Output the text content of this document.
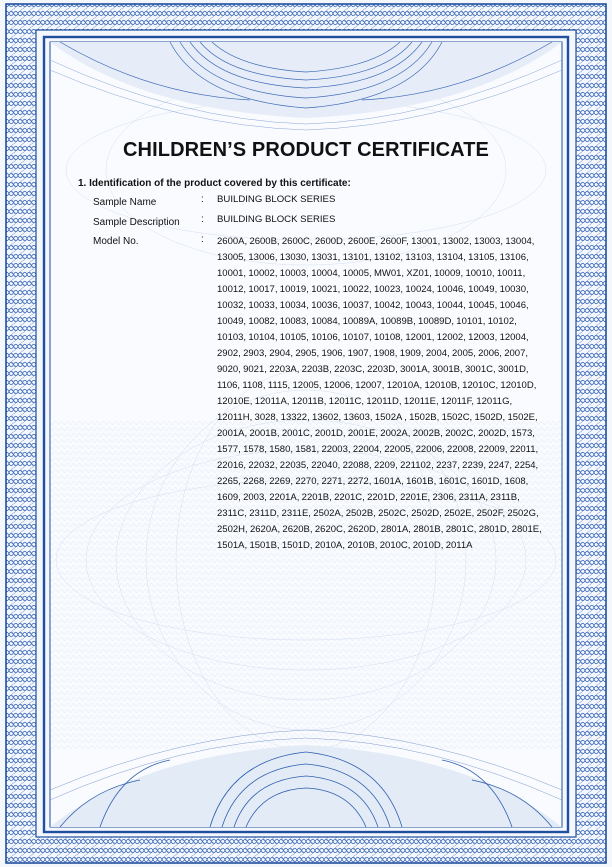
CHILDREN’S PRODUCT CERTIFICATE
1. Identification of the product covered by this certificate:
Sample Name	: BUILDING BLOCK SERIES
Sample Description : BUILDING BLOCK SERIES
Model No.	: 2600A, 2600B, 2600C, 2600D, 2600E, 2600F, 13001, 13002, 13003, 13004, 13005, 13006, 13030, 13031, 13101, 13102, 13103, 13104, 13105, 13106, 10001, 10002, 10003, 10004, 10005, MW01, XZ01, 10009, 10010, 10011, 10012, 10017, 10019, 10021, 10022, 10023, 10024, 10046, 10049, 10030, 10032, 10033, 10034, 10036, 10037, 10042, 10043, 10044, 10045, 10046, 10049, 10082, 10083, 10084, 10089A, 10089B, 10089D, 10101, 10102, 10103, 10104, 10105, 10106, 10107, 10108, 12001, 12002, 12003, 12004, 2902, 2903, 2904, 2905, 1906, 1907, 1908, 1909, 2004, 2005, 2006, 2007, 9020, 9021, 2203A, 2203B, 2203C, 2203D, 3001A, 3001B, 3001C, 3001D, 1106, 1108, 1115, 12005, 12006, 12007, 12010A, 12010B, 12010C, 12010D, 12010E, 12011A, 12011B, 12011C, 12011D, 12011E, 12011F, 12011G, 12011H, 3028, 13322, 13602, 13603, 1502A , 1502B, 1502C, 1502D, 1502E, 2001A, 2001B, 2001C, 2001D, 2001E, 2002A, 2002B, 2002C, 2002D, 1573, 1577, 1578, 1580, 1581, 22003, 22004, 22005, 22006, 22008, 22009, 22011, 22016, 22032, 22035, 22040, 22088, 2209, 221102, 2237, 2239, 2247, 2254, 2265, 2268, 2269, 2270, 2271, 2272, 1601A, 1601B, 1601C, 1601D, 1608, 1609, 2003, 2201A, 2201B, 2201C, 2201D, 2201E, 2306, 2311A, 2311B, 2311C, 2311D, 2311E, 2502A, 2502B, 2502C, 2502D, 2502E, 2502F, 2502G, 2502H, 2620A, 2620B, 2620C, 2620D, 2801A, 2801B, 2801C, 2801D, 2801E, 1501A, 1501B, 1501D, 2010A, 2010B, 2010C, 2010D, 2011A
